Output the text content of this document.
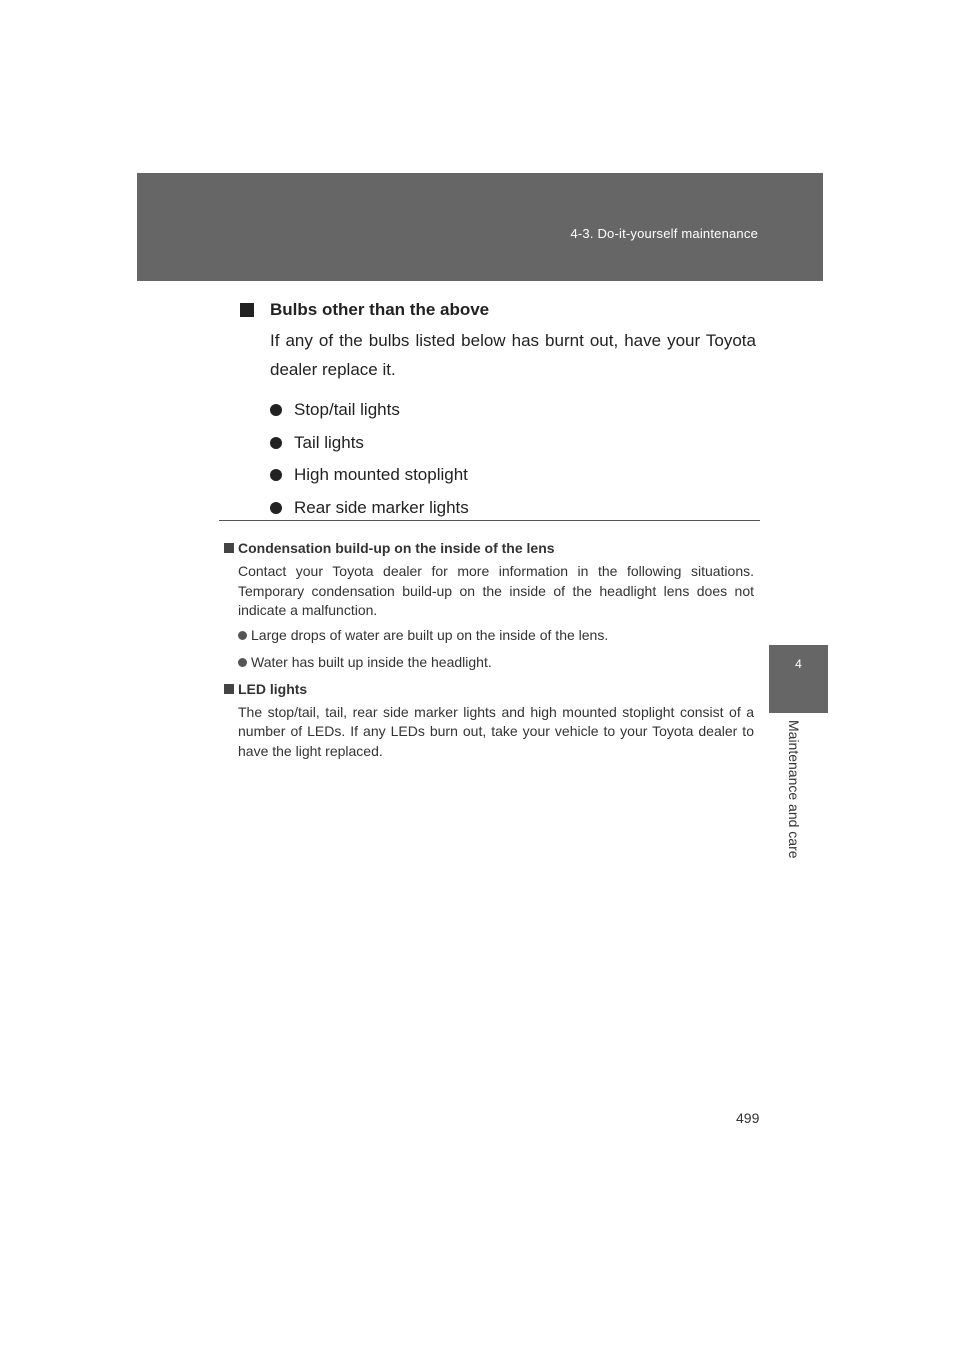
4-3. Do-it-yourself maintenance
4
Maintenance and care
Bulbs other than the above

If any of the bulbs listed below has burnt out, have your Toyota dealer replace it.

Stop/tail lights
Tail lights
High mounted stoplight
Rear side marker lights
Condensation build-up on the inside of the lens

Contact your Toyota dealer for more information in the following situations. Temporary condensation build-up on the inside of the headlight lens does not indicate a malfunction.

Large drops of water are built up on the inside of the lens.
Water has built up inside the headlight.
LED lights

The stop/tail, tail, rear side marker lights and high mounted stoplight consist of a number of LEDs. If any LEDs burn out, take your vehicle to your Toyota dealer to have the light replaced.

499
